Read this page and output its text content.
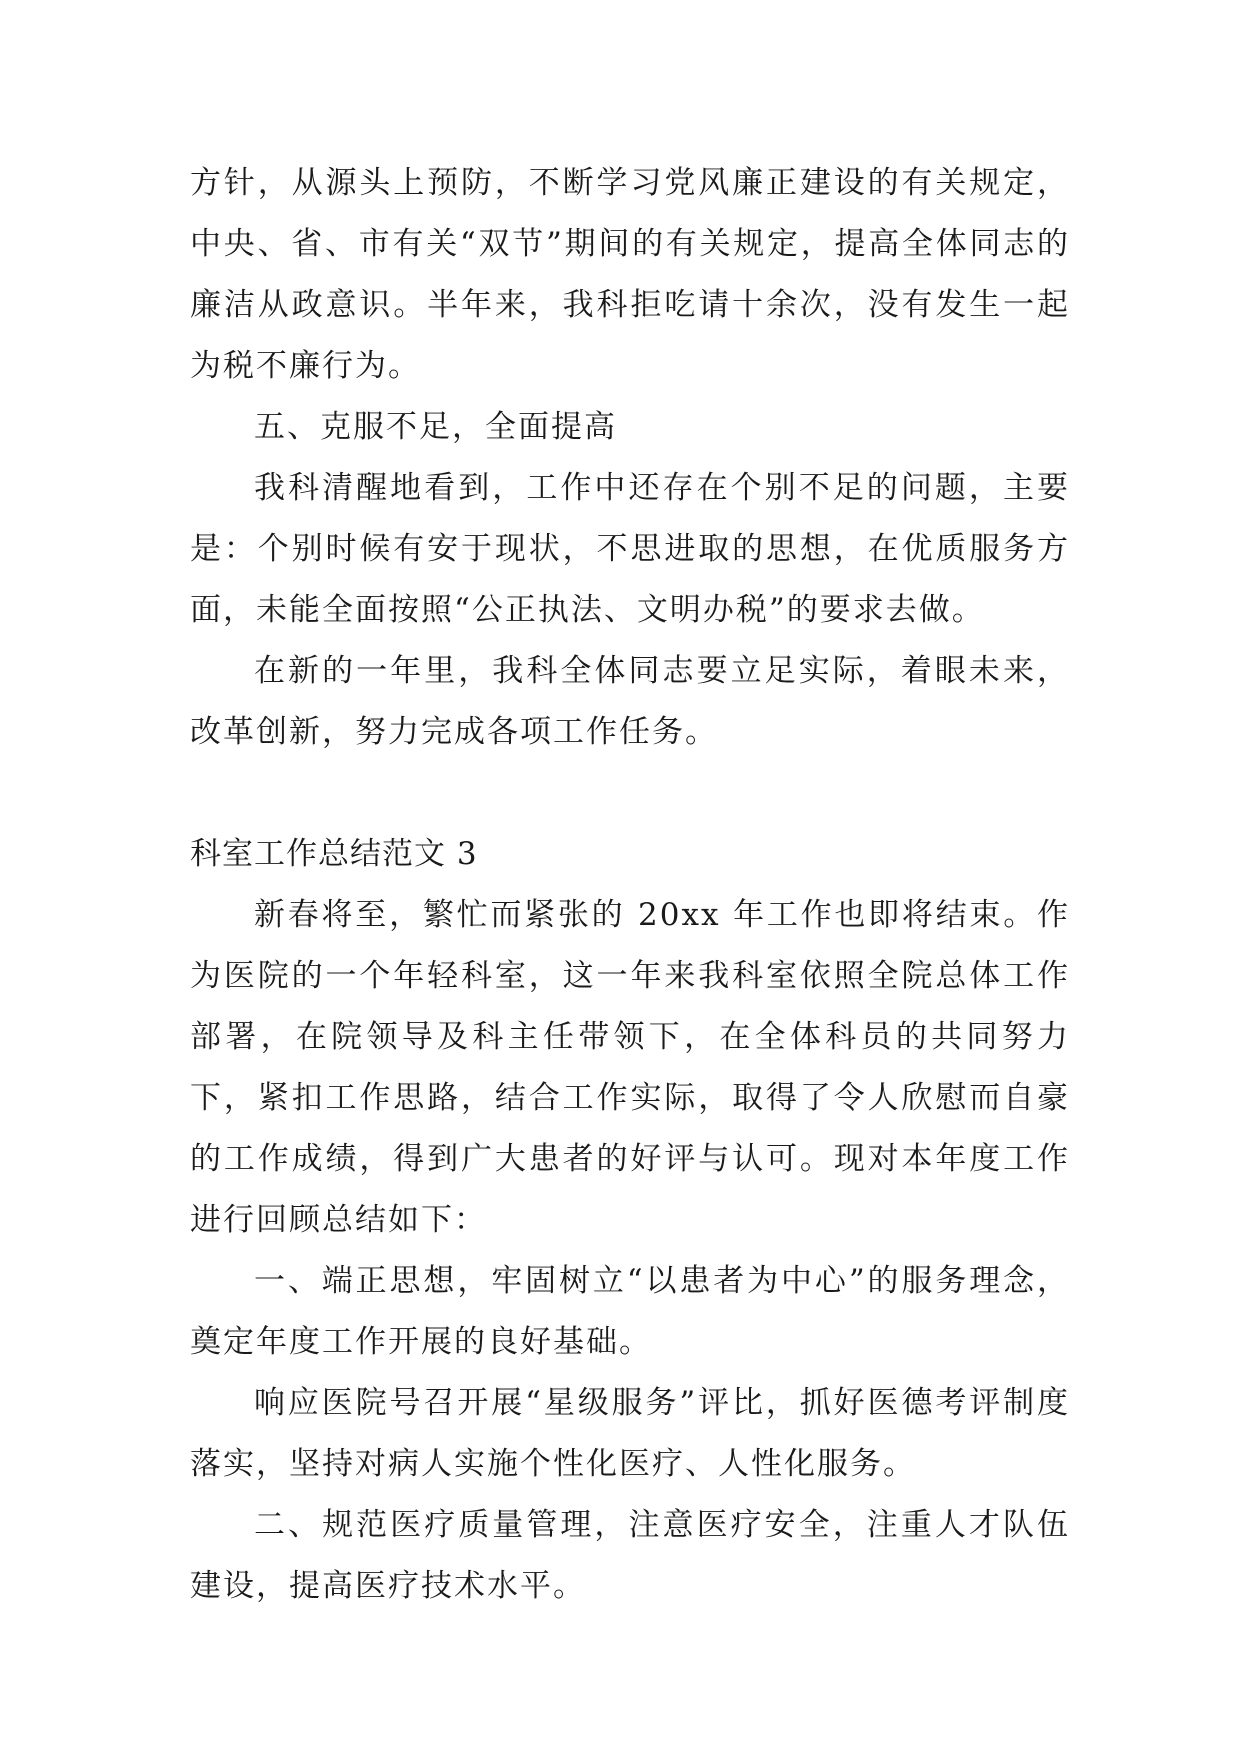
方针，从源头上预防，不断学习党风廉正建设的有关规定，中央、省、市有关“双节”期间的有关规定，提高全体同志的廉洁从政意识。半年来，我科拒吃请十余次，没有发生一起为税不廉行为。

五、克服不足，全面提高

我科清醒地看到，工作中还存在个别不足的问题，主要是：个别时候有安于现状，不思进取的思想，在优质服务方面，未能全面按照“公正执法、文明办税”的要求去做。

在新的一年里，我科全体同志要立足实际，着眼未来，改革创新，努力完成各项工作任务。

科室工作总结范文 3

新春将至，繁忙而紧张的 20xx 年工作也即将结束。作为医院的一个年轻科室，这一年来我科室依照全院总体工作部署，在院领导及科主任带领下，在全体科员的共同努力下，紧扣工作思路，结合工作实际，取得了令人欣慰而自豪的工作成绩，得到广大患者的好评与认可。现对本年度工作进行回顾总结如下：

一、端正思想，牢固树立“以患者为中心”的服务理念，奠定年度工作开展的良好基础。

响应医院号召开展“星级服务”评比，抓好医德考评制度落实，坚持对病人实施个性化医疗、人性化服务。

二、规范医疗质量管理，注意医疗安全，注重人才队伍建设，提高医疗技术水平。
